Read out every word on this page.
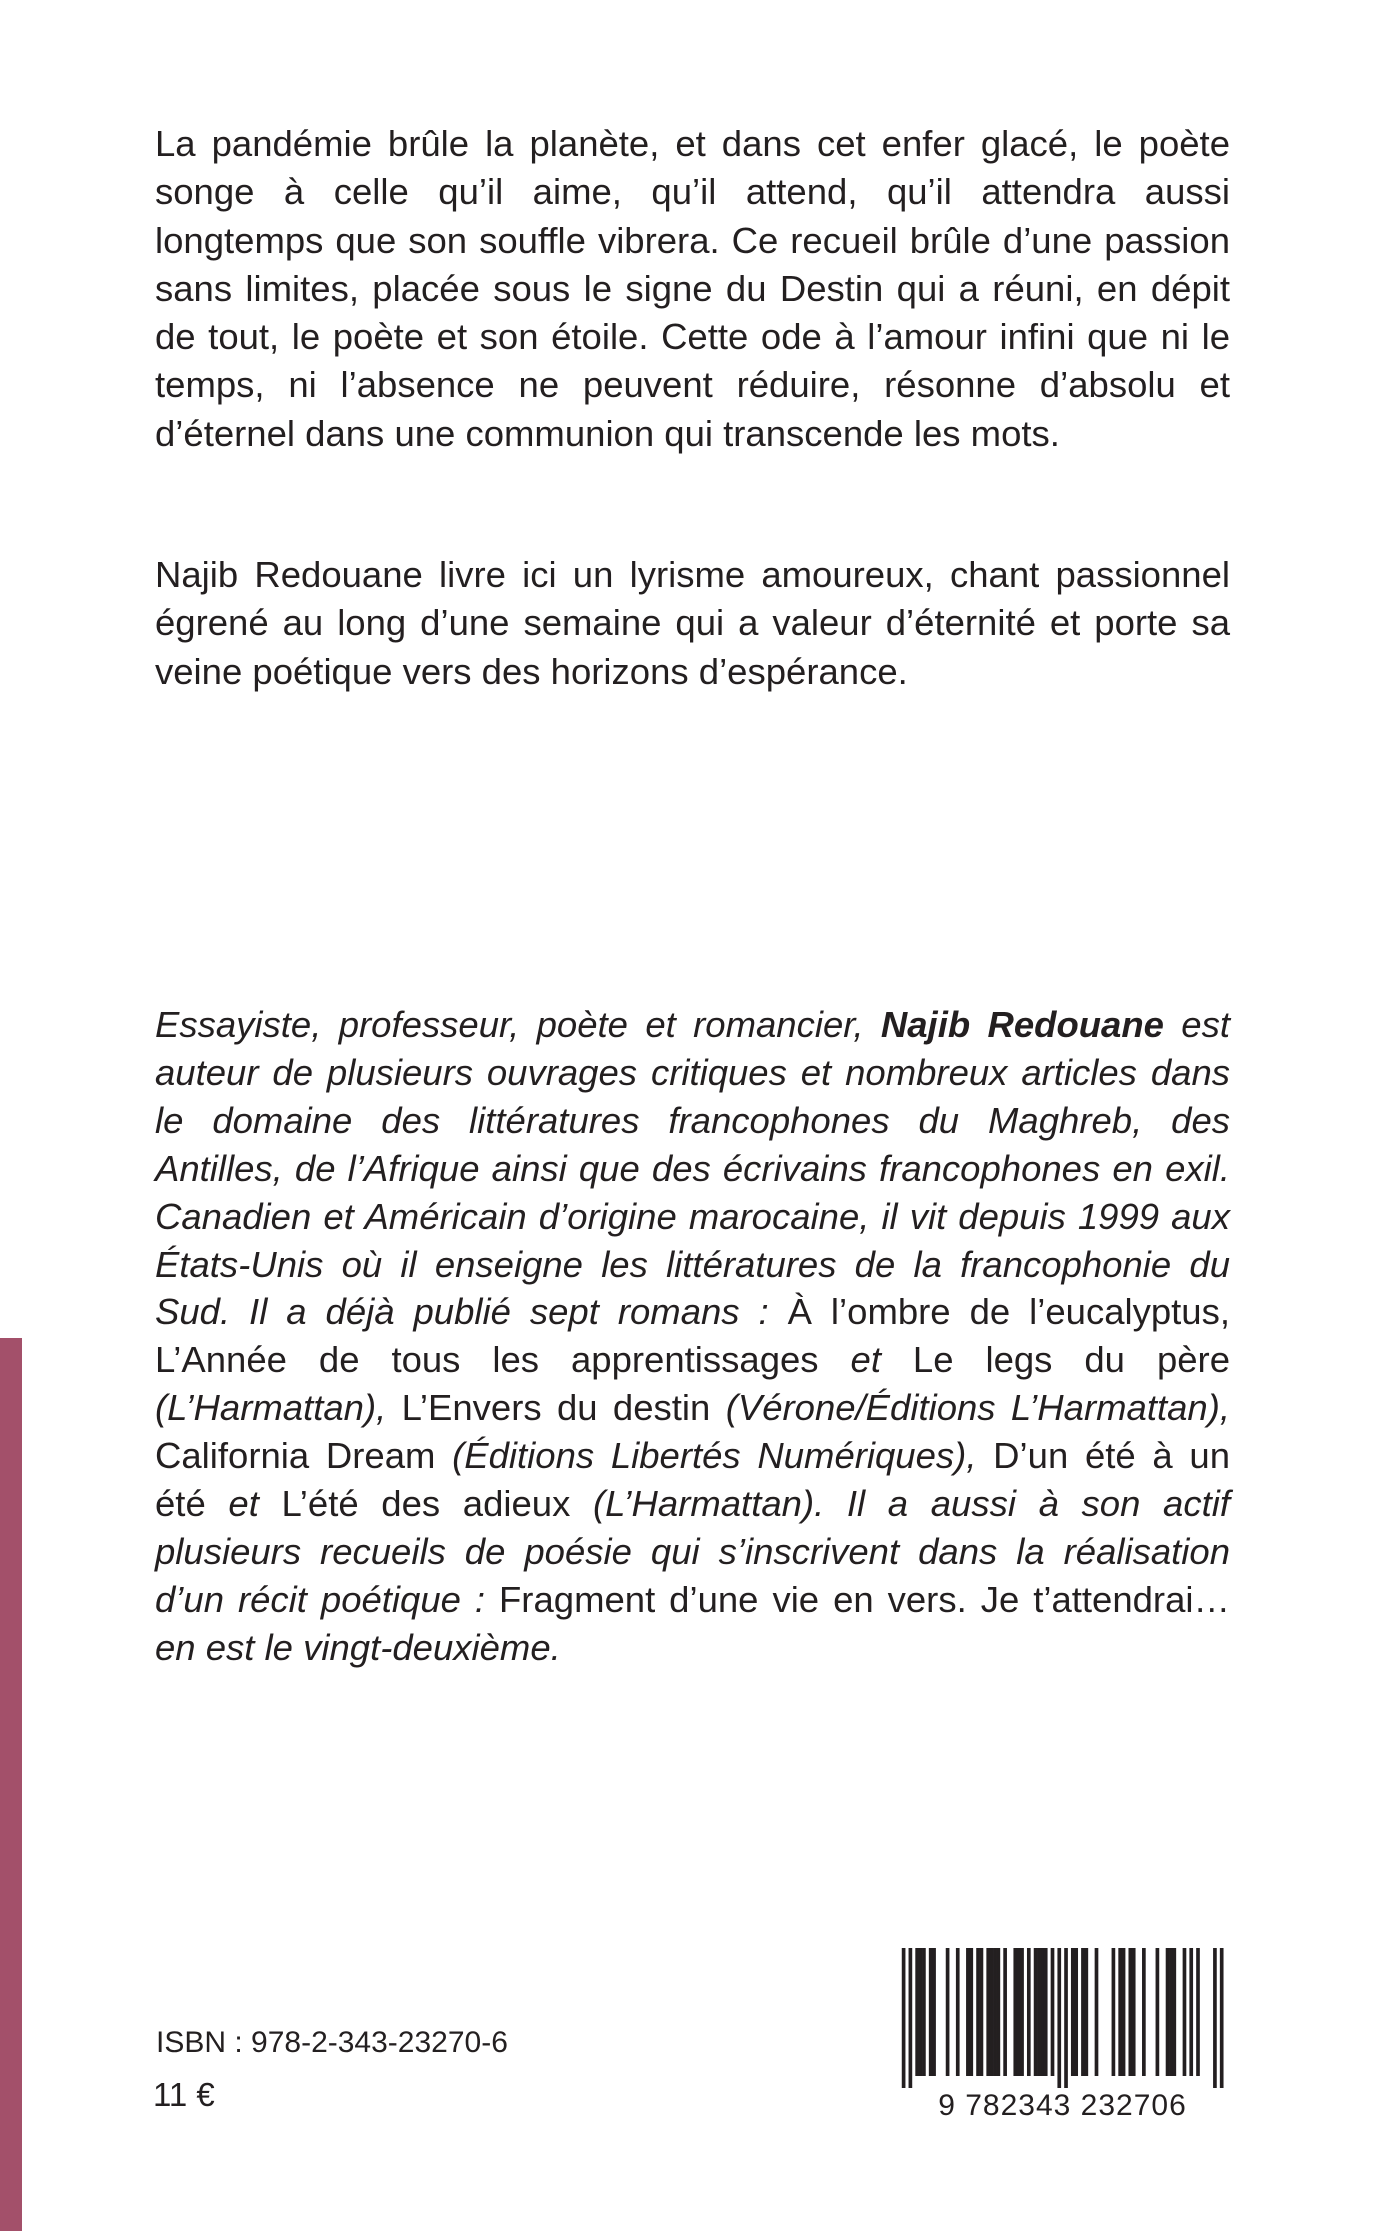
La pandémie brûle la planète, et dans cet enfer glacé, le poète songe à celle qu’il aime, qu’il attend, qu’il attendra aussi longtemps que son souffle vibrera. Ce recueil brûle d’une passion sans limites, placée sous le signe du Destin qui a réuni, en dépit de tout, le poète et son étoile. Cette ode à l’amour infini que ni le temps, ni l’absence ne peuvent réduire, résonne d’absolu et d’éternel dans une communion qui transcende les mots.

Najib Redouane livre ici un lyrisme amoureux, chant passionnel égrené au long d’une semaine qui a valeur d’éternité et porte sa veine poétique vers des horizons d’espérance.

Essayiste, professeur, poète et romancier, Najib Redouane est auteur de plusieurs ouvrages critiques et nombreux articles dans le domaine des littératures francophones du Maghreb, des Antilles, de l’Afrique ainsi que des écrivains francophones en exil. Canadien et Américain d’origine marocaine, il vit depuis 1999 aux États-Unis où il enseigne les littératures de la francophonie du Sud. Il a déjà publié sept romans : À l’ombre de l’eucalyptus, L’Année de tous les apprentissages et Le legs du père (L’Harmattan), L’Envers du destin (Vérone/Éditions L’Harmattan), California Dream (Éditions Libertés Numériques), D’un été à un été et L’été des adieux (L’Harmattan). Il a aussi à son actif plusieurs recueils de poésie qui s’inscrivent dans la réalisation d’un récit poétique : Fragment d’une vie en vers. Je t’attendrai… en est le vingt-deuxième.

ISBN : 978-2-343-23270-6
11 €	9 782343 232706
